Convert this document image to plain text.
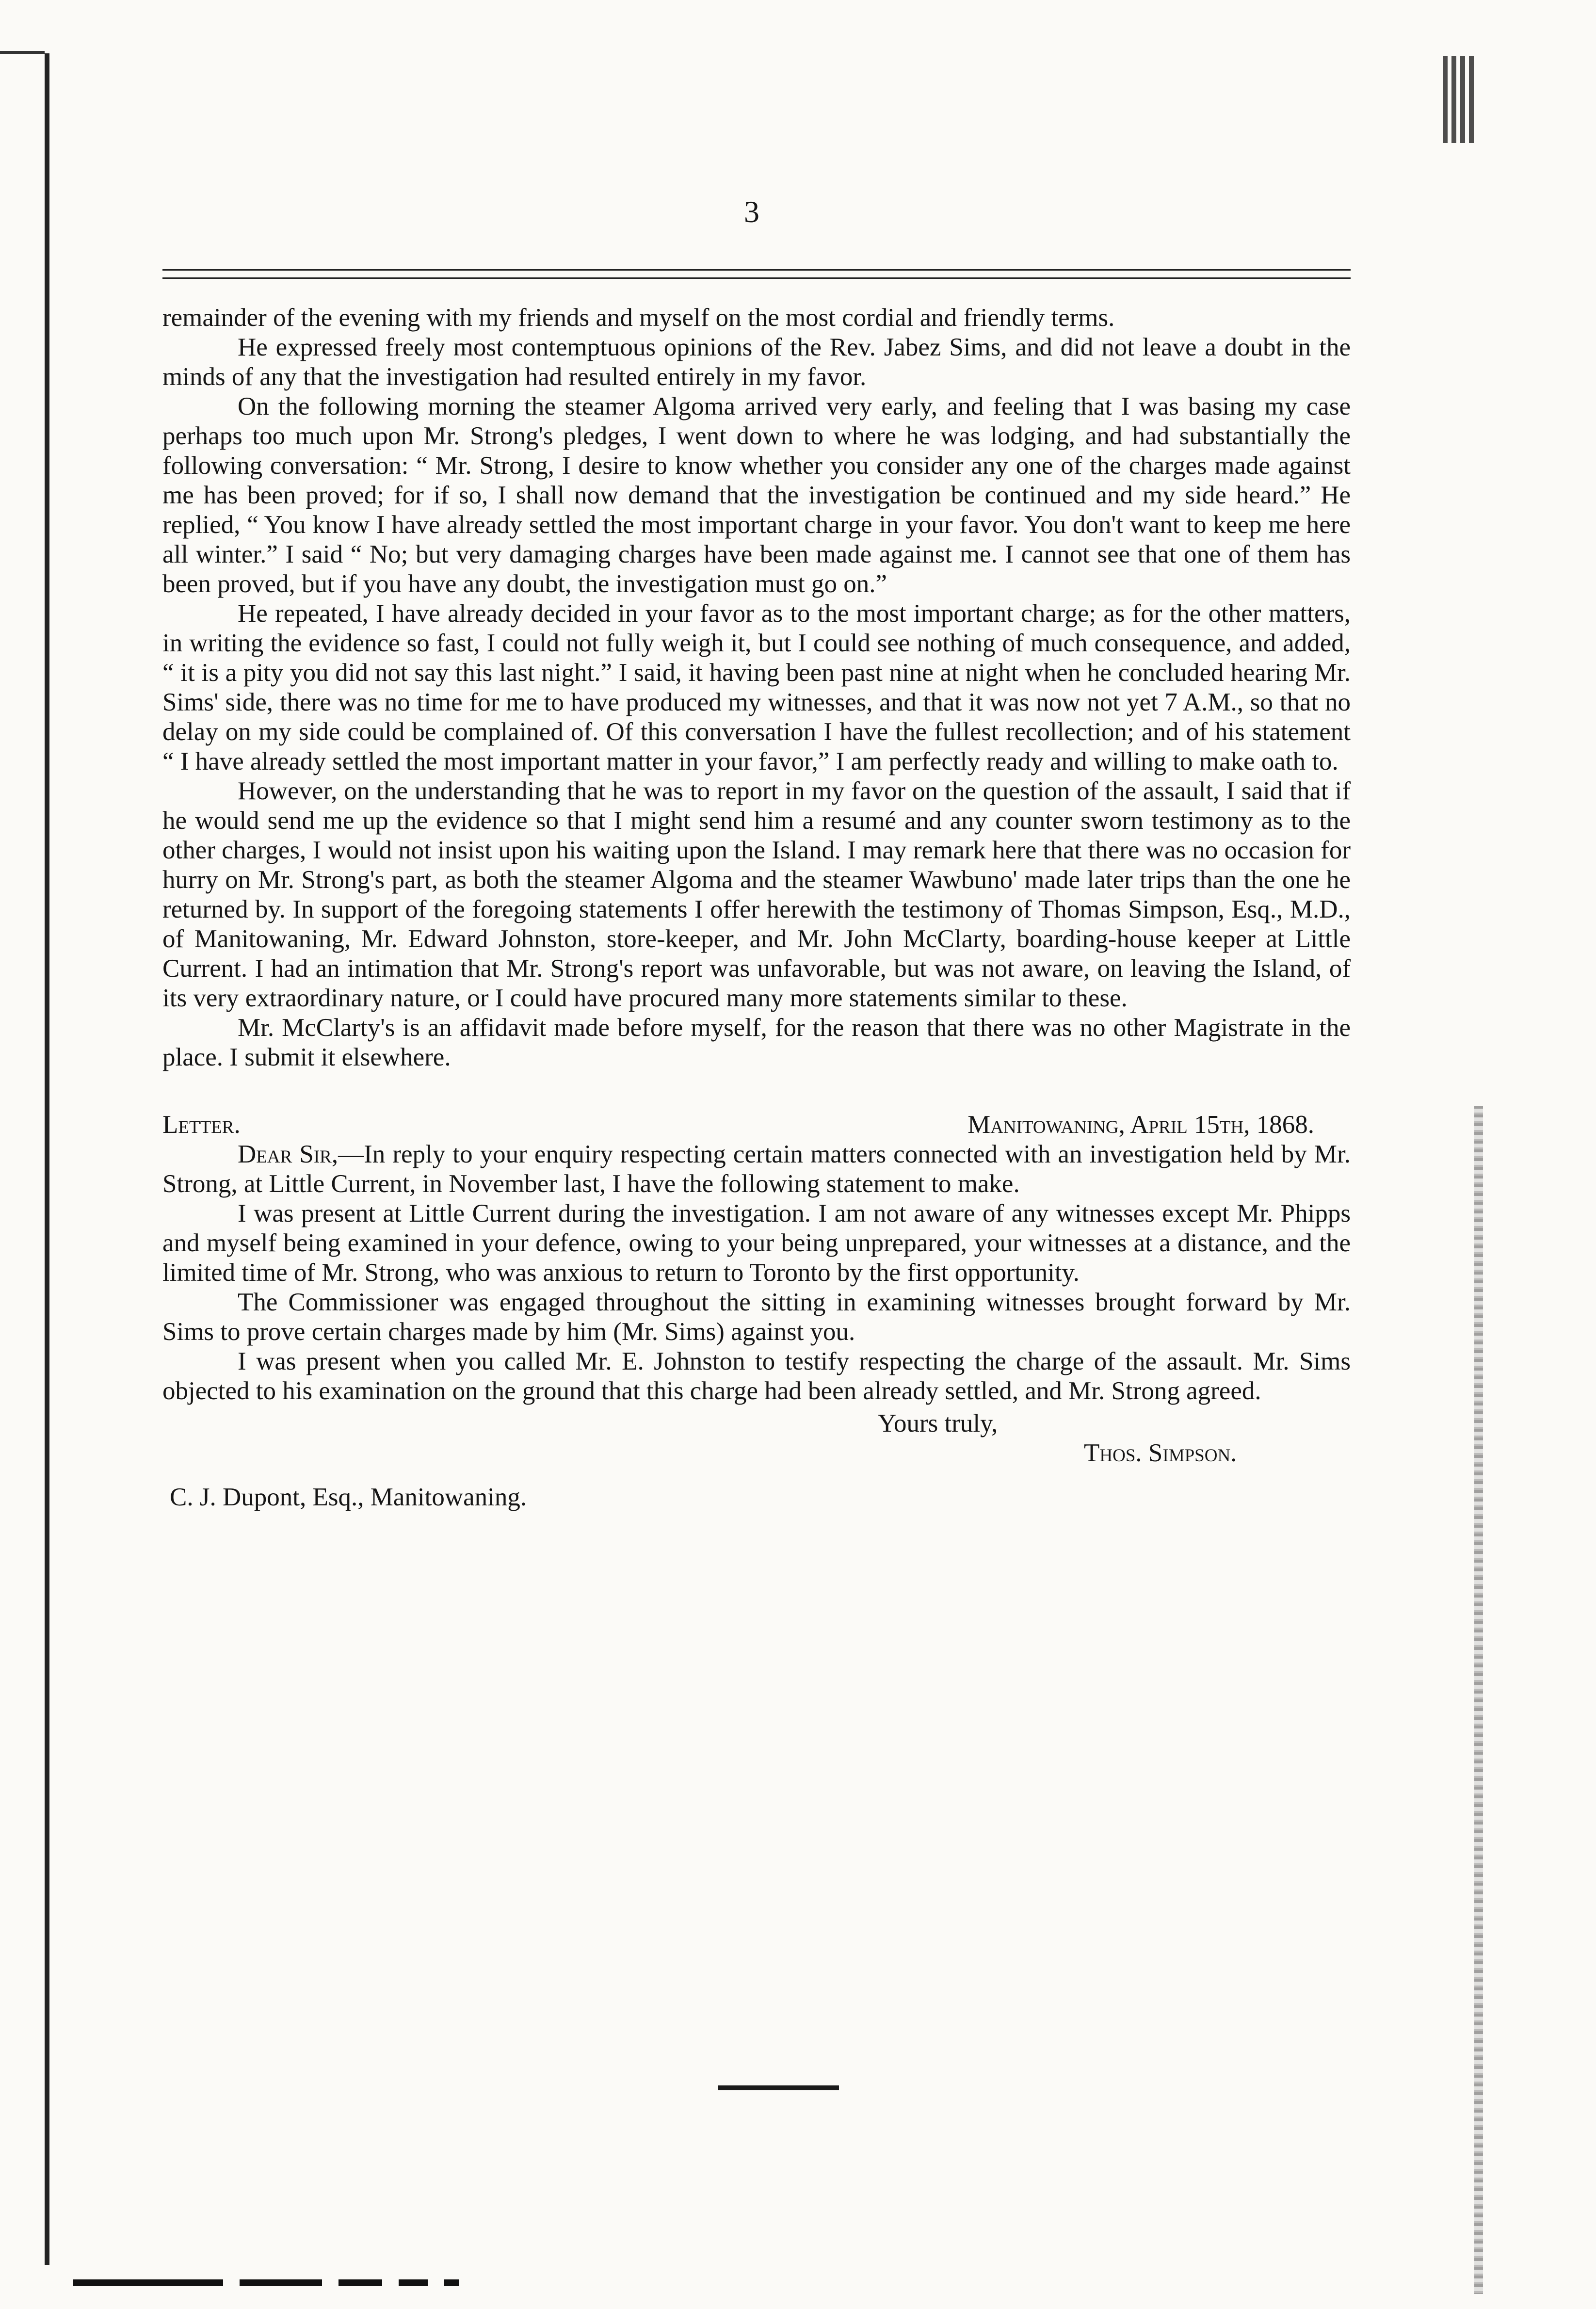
3

remainder of the evening with my friends and myself on the most cordial and friendly terms.

He expressed freely most contemptuous opinions of the Rev. Jabez Sims, and did not leave a doubt in the minds of any that the investigation had resulted entirely in my favor.

On the following morning the steamer Algoma arrived very early, and feeling that I was basing my case perhaps too much upon Mr. Strong's pledges, I went down to where he was lodging, and had substantially the following conversation: “ Mr. Strong, I desire to know whether you consider any one of the charges made against me has been proved; for if so, I shall now demand that the investigation be continued and my side heard.” He replied, “ You know I have already settled the most important charge in your favor. You don't want to keep me here all winter.” I said “ No; but very damaging charges have been made against me. I cannot see that one of them has been proved, but if you have any doubt, the investigation must go on.”

He repeated, I have already decided in your favor as to the most important charge; as for the other matters, in writing the evidence so fast, I could not fully weigh it, but I could see nothing of much consequence, and added, “ it is a pity you did not say this last night.” I said, it having been past nine at night when he concluded hearing Mr. Sims' side, there was no time for me to have produced my witnesses, and that it was now not yet 7 A.M., so that no delay on my side could be complained of. Of this conversation I have the fullest recollection; and of his statement “ I have already settled the most important matter in your favor,” I am perfectly ready and willing to make oath to.

However, on the understanding that he was to report in my favor on the question of the assault, I said that if he would send me up the evidence so that I might send him a resumé and any counter sworn testimony as to the other charges, I would not insist upon his waiting upon the Island. I may remark here that there was no occasion for hurry on Mr. Strong's part, as both the steamer Algoma and the steamer Wawbuno' made later trips than the one he returned by. In support of the foregoing statements I offer herewith the testimony of Thomas Simpson, Esq., M.D., of Manitowaning, Mr. Edward Johnston, store-keeper, and Mr. John McClarty, boarding-house keeper at Little Current. I had an intimation that Mr. Strong's report was unfavorable, but was not aware, on leaving the Island, of its very extraordinary nature, or I could have procured many more statements similar to these.

Mr. McClarty's is an affidavit made before myself, for the reason that there was no other Magistrate in the place. I submit it elsewhere.

Letter.	Manitowaning, April 15th, 1868.

Dear Sir,—In reply to your enquiry respecting certain matters connected with an investigation held by Mr. Strong, at Little Current, in November last, I have the following statement to make.

I was present at Little Current during the investigation. I am not aware of any witnesses except Mr. Phipps and myself being examined in your defence, owing to your being unprepared, your witnesses at a distance, and the limited time of Mr. Strong, who was anxious to return to Toronto by the first opportunity.

The Commissioner was engaged throughout the sitting in examining witnesses brought forward by Mr. Sims to prove certain charges made by him (Mr. Sims) against you.

I was present when you called Mr. E. Johnston to testify respecting the charge of the assault. Mr. Sims objected to his examination on the ground that this charge had been already settled, and Mr. Strong agreed.

Yours truly,
Thos. Simpson.
C. J. Dupont, Esq., Manitowaning.
